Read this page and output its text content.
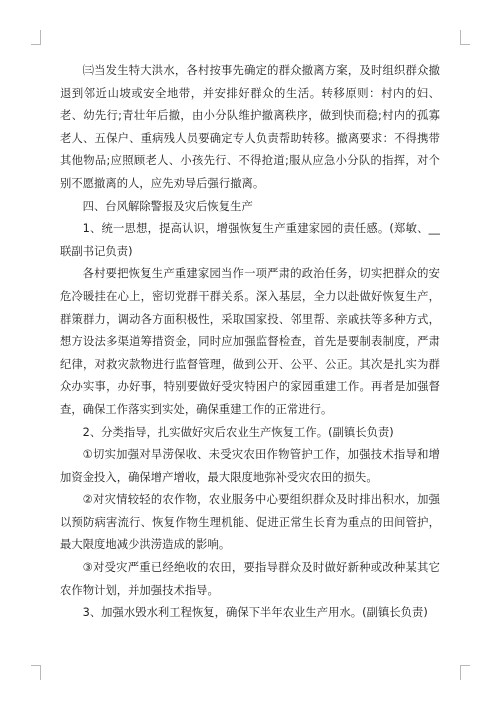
㈢当发生特大洪水，各村按事先确定的群众撤离方案，及时组织群众撤退到邻近山坡或安全地带，并安排好群众的生活。转移原则：村内的妇、老、幼先行;青壮年后撤，由小分队维护撤离秩序，做到快而稳;村内的孤寡老人、五保户、重病残人员要确定专人负责帮助转移。撤离要求：不得携带其他物品;应照顾老人、小孩先行、不得抢道;服从应急小分队的指挥，对个别不愿撤离的人，应先劝导后强行撤离。

四、台风解除警报及灾后恢复生产

1、统一思想，提高认识，增强恢复生产重建家园的责任感。(郑敏、__联副书记负责)

各村要把恢复生产重建家园当作一项严肃的政治任务，切实把群众的安危冷暖挂在心上，密切党群干群关系。深入基层，全力以赴做好恢复生产，群策群力，调动各方面积极性，采取国家投、邻里帮、亲戚扶等多种方式，想方设法多渠道筹措资金，同时应加强监督检查，首先是要制表制度，严肃纪律，对救灾款物进行监督管理，做到公开、公平、公正。其次是扎实为群众办实事，办好事，特别要做好受灾特困户的家园重建工作。再者是加强督查，确保工作落实到实处，确保重建工作的正常进行。

2、分类指导，扎实做好灾后农业生产恢复工作。(副镇长负责)

①切实加强对旱涝保收、未受灾农田作物管护工作，加强技术指导和增加资金投入，确保增产增收，最大限度地弥补受灾农田的损失。

②对灾情较轻的农作物，农业服务中心要组织群众及时排出积水，加强以预防病害流行、恢复作物生理机能、促进正常生长育为重点的田间管护，最大限度地减少洪涝造成的影响。

③对受灾严重已经绝收的农田，要指导群众及时做好新种或改种某其它农作物计划，并加强技术指导。

3、加强水毁水利工程恢复，确保下半年农业生产用水。(副镇长负责)
